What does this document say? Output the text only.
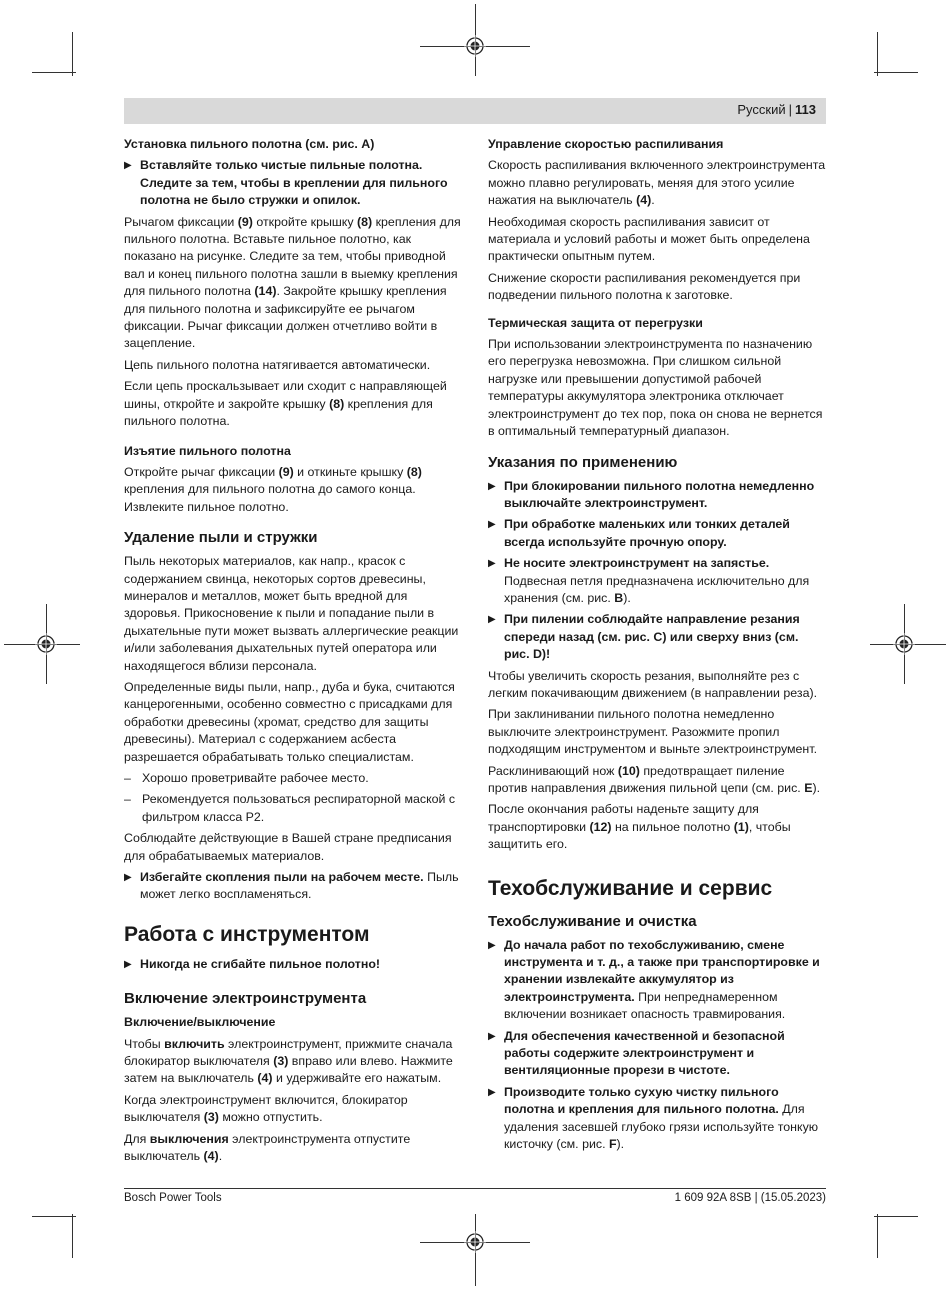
Русский | 113
Установка пильного полотна (см. рис. A)
▶ Вставляйте только чистые пильные полотна. Следите за тем, чтобы в креплении для пильного полотна не было стружки и опилок.

Рычагом фиксации (9) откройте крышку (8) крепления для пильного полотна. Вставьте пильное полотно, как показано на рисунке. Следите за тем, чтобы приводной вал и конец пильного полотна зашли в выемку крепления для пильного полотна (14). Закройте крышку крепления для пильного полотна и зафиксируйте ее рычагом фиксации. Рычаг фиксации должен отчетливо войти в зацепление.

Цепь пильного полотна натягивается автоматически.

Если цепь проскальзывает или сходит с направляющей шины, откройте и закройте крышку (8) крепления для пильного полотна.

Изъятие пильного полотна

Откройте рычаг фиксации (9) и откиньте крышку (8) крепления для пильного полотна до самого конца. Извлеките пильное полотно.

Удаление пыли и стружки

Пыль некоторых материалов, как напр., красок с содержанием свинца, некоторых сортов древесины, минералов и металлов, может быть вредной для здоровья. Прикосновение к пыли и попадание пыли в дыхательные пути может вызвать аллергические реакции и/или заболевания дыхательных путей оператора или находящегося вблизи персонала.

Определенные виды пыли, напр., дуба и бука, считаются канцерогенными, особенно совместно с присадками для обработки древесины (хромат, средство для защиты древесины). Материал с содержанием асбеста разрешается обрабатывать только специалистам.

– Хорошо проветривайте рабочее место.
– Рекомендуется пользоваться респираторной маской с фильтром класса P2.

Соблюдайте действующие в Вашей стране предписания для обрабатываемых материалов.

▶ Избегайте скопления пыли на рабочем месте. Пыль может легко воспламеняться.
Работа с инструментом
▶ Никогда не сгибайте пильное полотно!
Включение электроинструмента
Включение/выключение

Чтобы включить электроинструмент, прижмите сначала блокиратор выключателя (3) вправо или влево. Нажмите затем на выключатель (4) и удерживайте его нажатым.

Когда электроинструмент включится, блокиратор выключателя (3) можно отпустить.

Для выключения электроинструмента отпустите выключатель (4).

Управление скоростью распиливания

Скорость распиливания включенного электроинструмента можно плавно регулировать, меняя для этого усилие нажатия на выключатель (4).

Необходимая скорость распиливания зависит от материала и условий работы и может быть определена практически опытным путем.

Снижение скорости распиливания рекомендуется при подведении пильного полотна к заготовке.

Термическая защита от перегрузки

При использовании электроинструмента по назначению его перегрузка невозможна. При слишком сильной нагрузке или превышении допустимой рабочей температуры аккумулятора электроника отключает электроинструмент до тех пор, пока он снова не вернется в оптимальный температурный диапазон.

Указания по применению
▶ При блокировании пильного полотна немедленно выключайте электроинструмент.
▶ При обработке маленьких или тонких деталей всегда используйте прочную опору.
▶ Не носите электроинструмент на запястье. Подвесная петля предназначена исключительно для хранения (см. рис. B).
▶ При пилении соблюдайте направление резания спереди назад (см. рис. C) или сверху вниз (см. рис. D)!

Чтобы увеличить скорость резания, выполняйте рез с легким покачивающим движением (в направлении реза).

При заклинивании пильного полотна немедленно выключите электроинструмент. Разожмите пропил подходящим инструментом и выньте электроинструмент.

Расклинивающий нож (10) предотвращает пиление против направления движения пильной цепи (см. рис. E).

После окончания работы наденьте защиту для транспортировки (12) на пильное полотно (1), чтобы защитить его.

Техобслуживание и сервис
Техобслуживание и очистка
▶ До начала работ по техобслуживанию, смене инструмента и т. д., а также при транспортировке и хранении извлекайте аккумулятор из электроинструмента. При непреднамеренном включении возникает опасность травмирования.
▶ Для обеспечения качественной и безопасной работы содержите электроинструмент и вентиляционные прорези в чистоте.
▶ Производите только сухую чистку пильного полотна и крепления для пильного полотна. Для удаления засевшей глубоко грязи используйте тонкую кисточку (см. рис. F).
Bosch Power Tools	1 609 92A 8SB | (15.05.2023)
